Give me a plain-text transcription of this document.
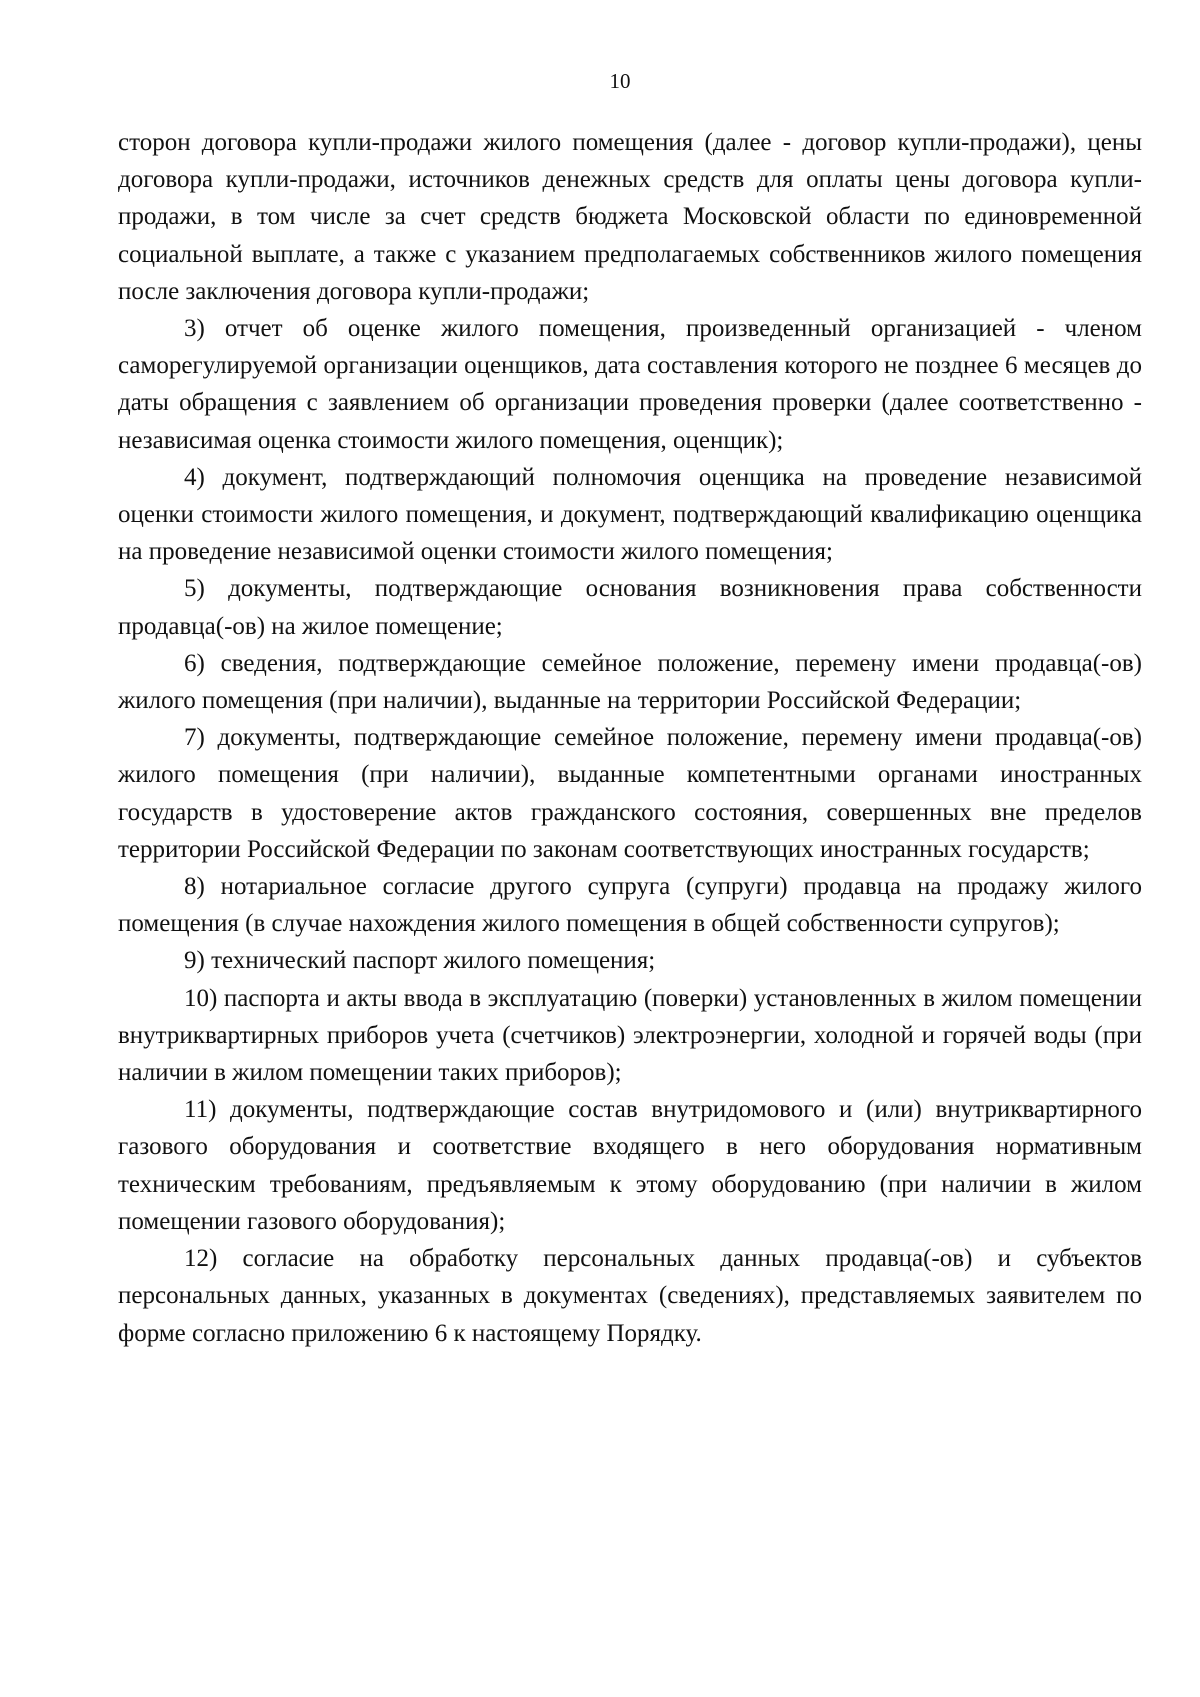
10

сторон договора купли-продажи жилого помещения (далее - договор купли-продажи), цены договора купли-продажи, источников денежных средств для оплаты цены договора купли-продажи, в том числе за счет средств бюджета Московской области по единовременной социальной выплате, а также с указанием предполагаемых собственников жилого помещения после заключения договора купли-продажи;

3) отчет об оценке жилого помещения, произведенный организацией - членом саморегулируемой организации оценщиков, дата составления которого не позднее 6 месяцев до даты обращения с заявлением об организации проведения проверки (далее соответственно - независимая оценка стоимости жилого помещения, оценщик);

4) документ, подтверждающий полномочия оценщика на проведение независимой оценки стоимости жилого помещения, и документ, подтверждающий квалификацию оценщика на проведение независимой оценки стоимости жилого помещения;

5) документы, подтверждающие основания возникновения права собственности продавца(-ов) на жилое помещение;

6) сведения, подтверждающие семейное положение, перемену имени продавца(-ов) жилого помещения (при наличии), выданные на территории Российской Федерации;

7) документы, подтверждающие семейное положение, перемену имени продавца(-ов) жилого помещения (при наличии), выданные компетентными органами иностранных государств в удостоверение актов гражданского состояния, совершенных вне пределов территории Российской Федерации по законам соответствующих иностранных государств;

8) нотариальное согласие другого супруга (супруги) продавца на продажу жилого помещения (в случае нахождения жилого помещения в общей собственности супругов);

9) технический паспорт жилого помещения;

10) паспорта и акты ввода в эксплуатацию (поверки) установленных в жилом помещении внутриквартирных приборов учета (счетчиков) электроэнергии, холодной и горячей воды (при наличии в жилом помещении таких приборов);

11) документы, подтверждающие состав внутридомового и (или) внутриквартирного газового оборудования и соответствие входящего в него оборудования нормативным техническим требованиям, предъявляемым к этому оборудованию (при наличии в жилом помещении газового оборудования);

12) согласие на обработку персональных данных продавца(-ов) и субъектов персональных данных, указанных в документах (сведениях), представляемых заявителем по форме согласно приложению 6 к настоящему Порядку.
